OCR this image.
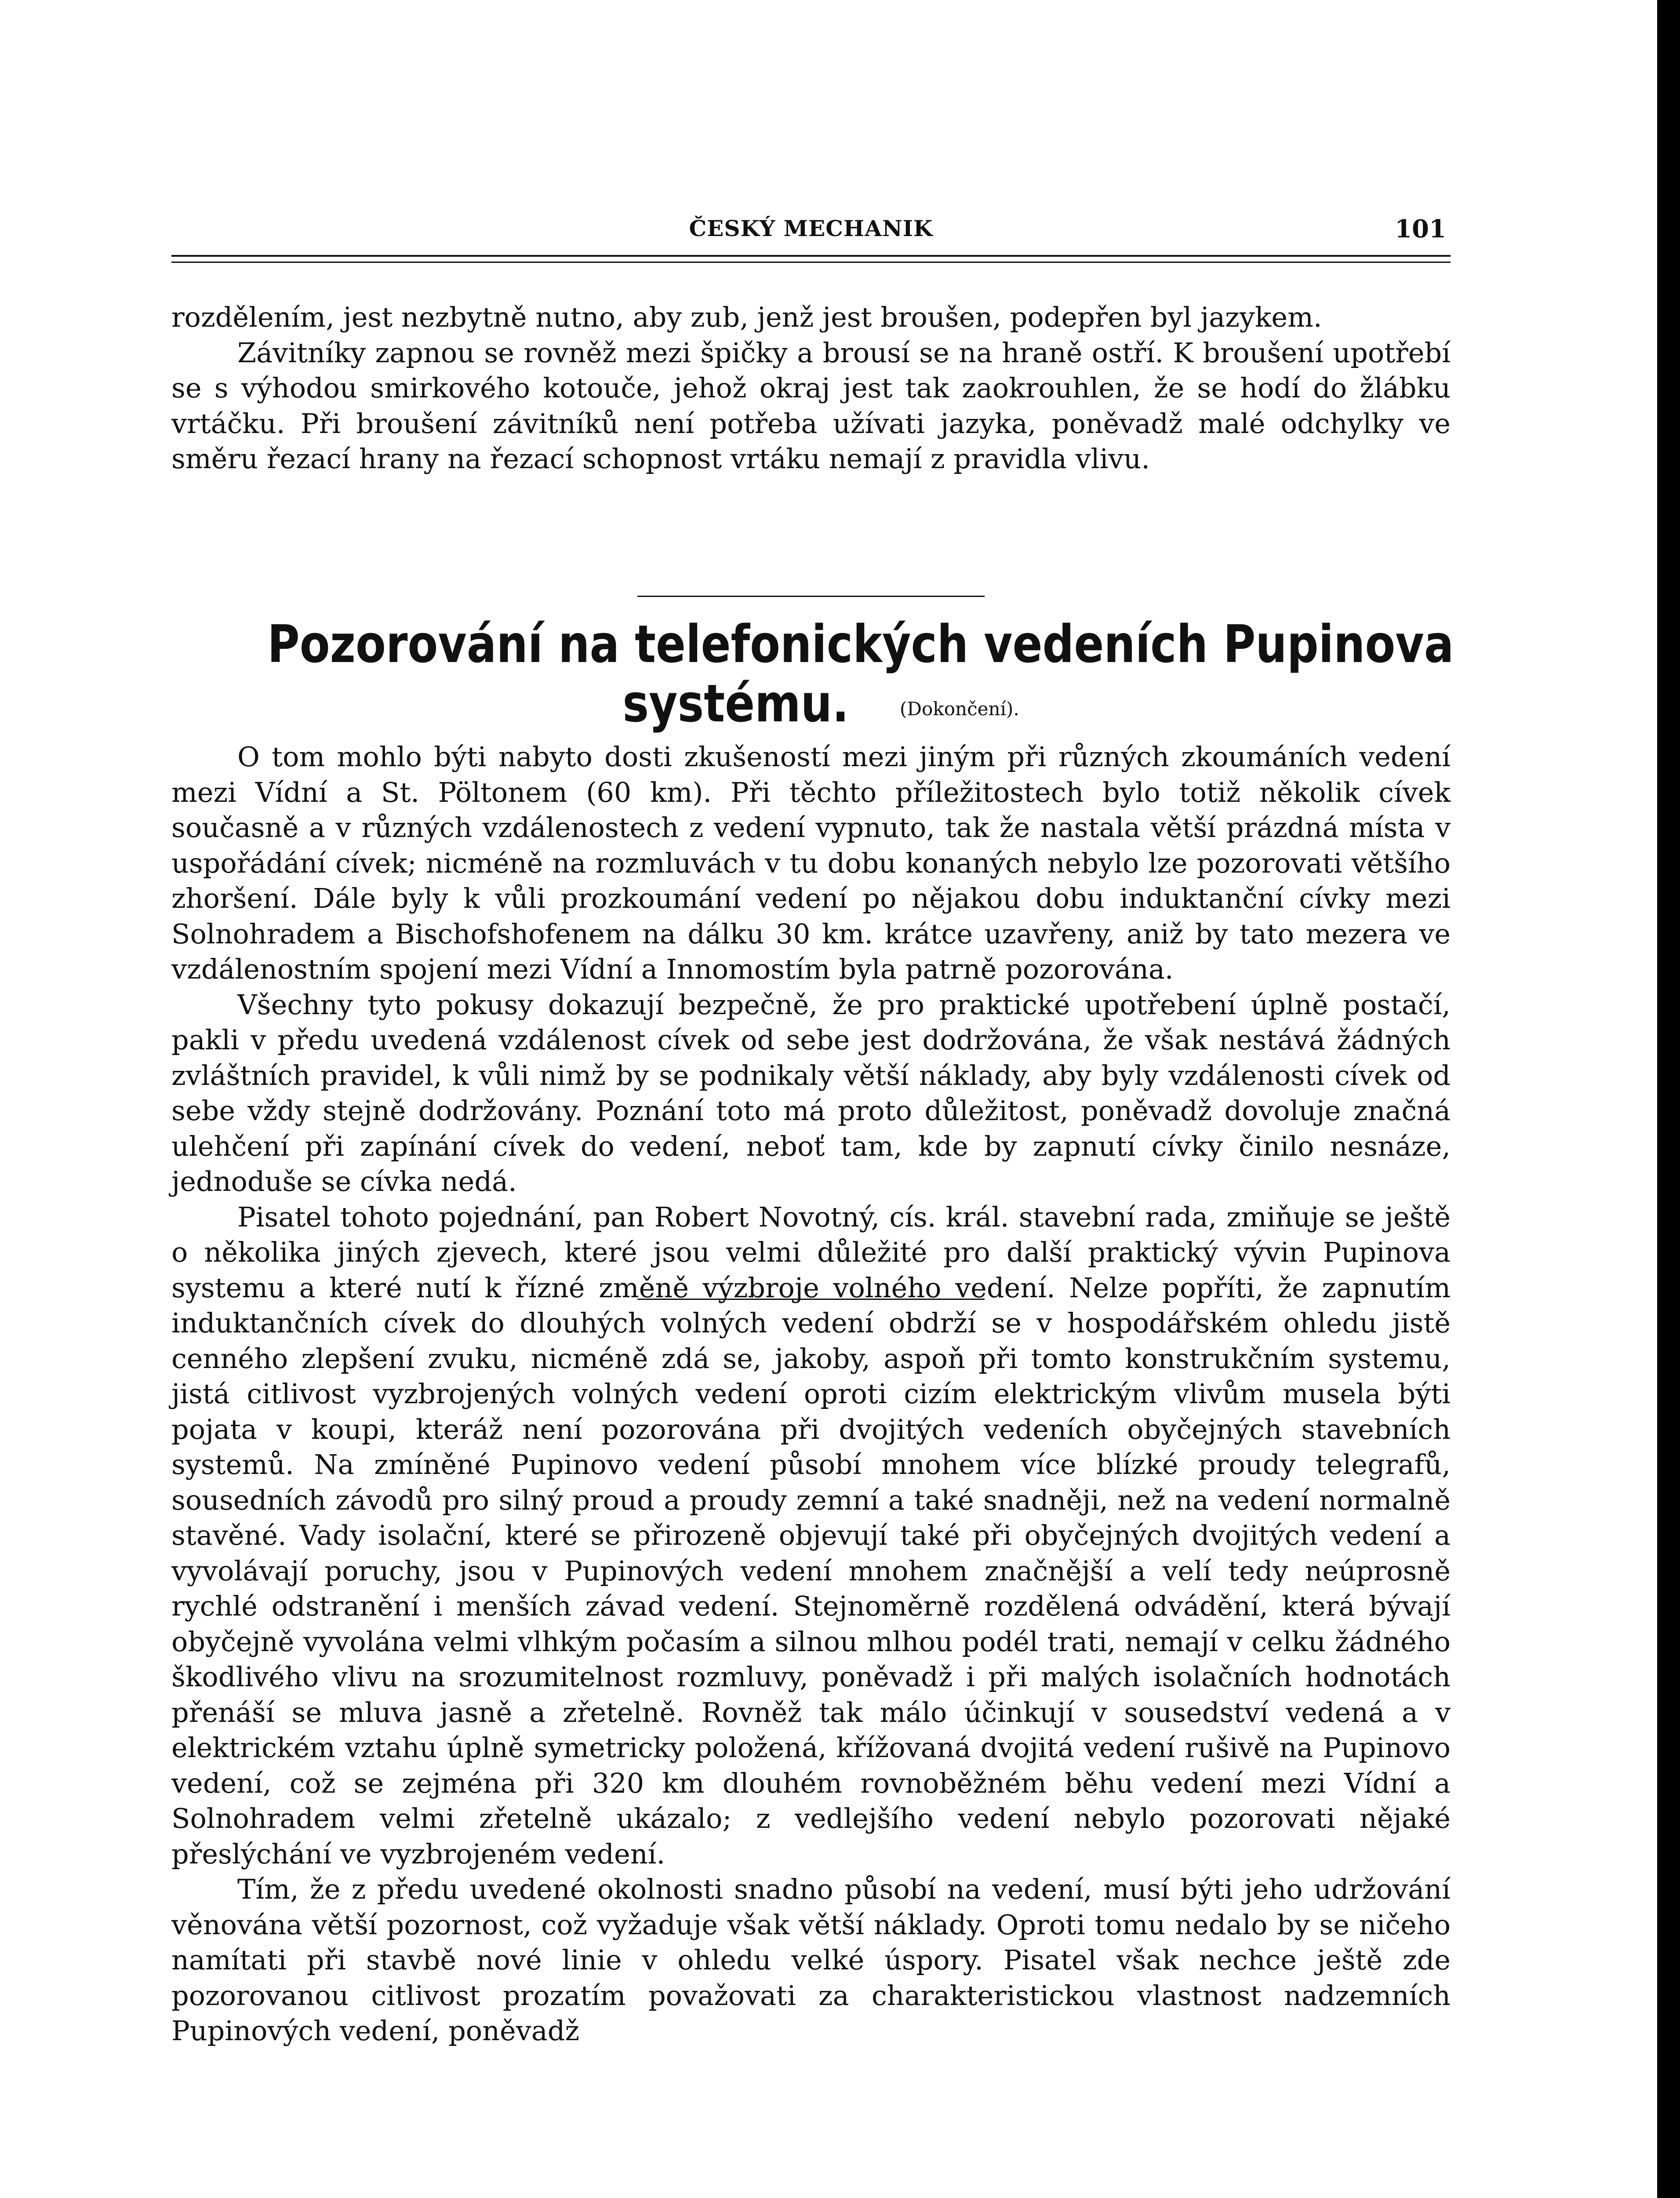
ČESKÝ MECHANIK	101

rozdělením, jest nezbytně nutno, aby zub, jenž jest broušen, podepřen byl jazykem.

Závitníky zapnou se rovněž mezi špičky a brousí se na hraně ostří. K broušení upotřebí se s výhodou smirkového kotouče, jehož okraj jest tak zaokrouhlen, že se hodí do žlábku vrtáčku. Při broušení závitníků není potřeba užívati jazyka, poněvadž malé odchylky ve směru řezací hrany na řezací schopnost vrtáku nemají z pravidla vlivu.

Pozorování na telefonických vedeních Pupinova
systému.	(Dokončení).

O tom mohlo býti nabyto dosti zkušeností mezi jiným při různých zkoumáních vedení mezi Vídní a St. Pöltonem (60 km). Při těchto příležitostech bylo totiž několik cívek současně a v různých vzdálenostech z vedení vypnuto, tak že nastala větší prázdná místa v uspořádání cívek; nicméně na rozmluvách v tu dobu konaných nebylo lze pozorovati většího zhoršení. Dále byly k vůli prozkoumání vedení po nějakou dobu induktanční cívky mezi Solnohradem a Bischofshofenem na dálku 30 km. krátce uzavřeny, aniž by tato mezera ve vzdálenostním spojení mezi Vídní a Innomostím byla patrně pozorována.

Všechny tyto pokusy dokazují bezpečně, že pro praktické upotřebení úplně postačí, pakli v předu uvedená vzdálenost cívek od sebe jest dodržována, že však nestává žádných zvláštních pravidel, k vůli nimž by se podnikaly větší náklady, aby byly vzdálenosti cívek od sebe vždy stejně dodržovány. Poznání toto má proto důležitost, poněvadž dovoluje značná ulehčení při zapínání cívek do vedení, neboť tam, kde by zapnutí cívky činilo nesnáze, jednoduše se cívka nedá.

Pisatel tohoto pojednání, pan Robert Novotný, cís. král. stavební rada, zmiňuje se ještě o několika jiných zjevech, které jsou velmi důležité pro další praktický vývin Pupinova systemu a které nutí k řízné změně výzbroje volného vedení. Nelze popříti, že zapnutím induktančních cívek do dlouhých volných vedení obdrží se v hospodářském ohledu jistě cenného zlepšení zvuku, nicméně zdá se, jakoby, aspoň při tomto konstrukčním systemu, jistá citlivost vyzbrojených volných vedení oproti cizím elektrickým vlivům musela býti pojata v koupi, kteráž není pozorována při dvojitých vedeních obyčejných stavebních systemů. Na zmíněné Pupinovo vedení působí mnohem více blízké proudy telegrafů, sousedních závodů pro silný proud a proudy zemní a také snadněji, než na vedení normalně stavěné. Vady isolační, které se přirozeně objevují také při obyčejných dvojitých vedení a vyvolávají poruchy, jsou v Pupinových vedení mnohem značnější a velí tedy neúprosně rychlé odstranění i menších závad vedení. Stejnoměrně rozdělená odvádění, která bývají obyčejně vyvolána velmi vlhkým počasím a silnou mlhou podél trati, nemají v celku žádného škodlivého vlivu na srozumitelnost rozmluvy, poněvadž i při malých isolačních hodnotách přenáší se mluva jasně a zřetelně. Rovněž tak málo účinkují v sousedství vedená a v elektrickém vztahu úplně symetricky položená, křížovaná dvojitá vedení rušivě na Pupinovo vedení, což se zejména při 320 km dlouhém rovnoběžném běhu vedení mezi Vídní a Solnohradem velmi zřetelně ukázalo; z vedlejšího vedení nebylo pozorovati nějaké přeslýchání ve vyzbrojeném vedení.

Tím, že z předu uvedené okolnosti snadno působí na vedení, musí býti jeho udržování věnována větší pozornost, což vyžaduje však větší náklady. Oproti tomu nedalo by se ničeho namítati při stavbě nové linie v ohledu velké úspory. Pisatel však nechce ještě zde pozorovanou citlivost prozatím považovati za charakteristickou vlastnost nadzemních Pupinových vedení, poněvadž
